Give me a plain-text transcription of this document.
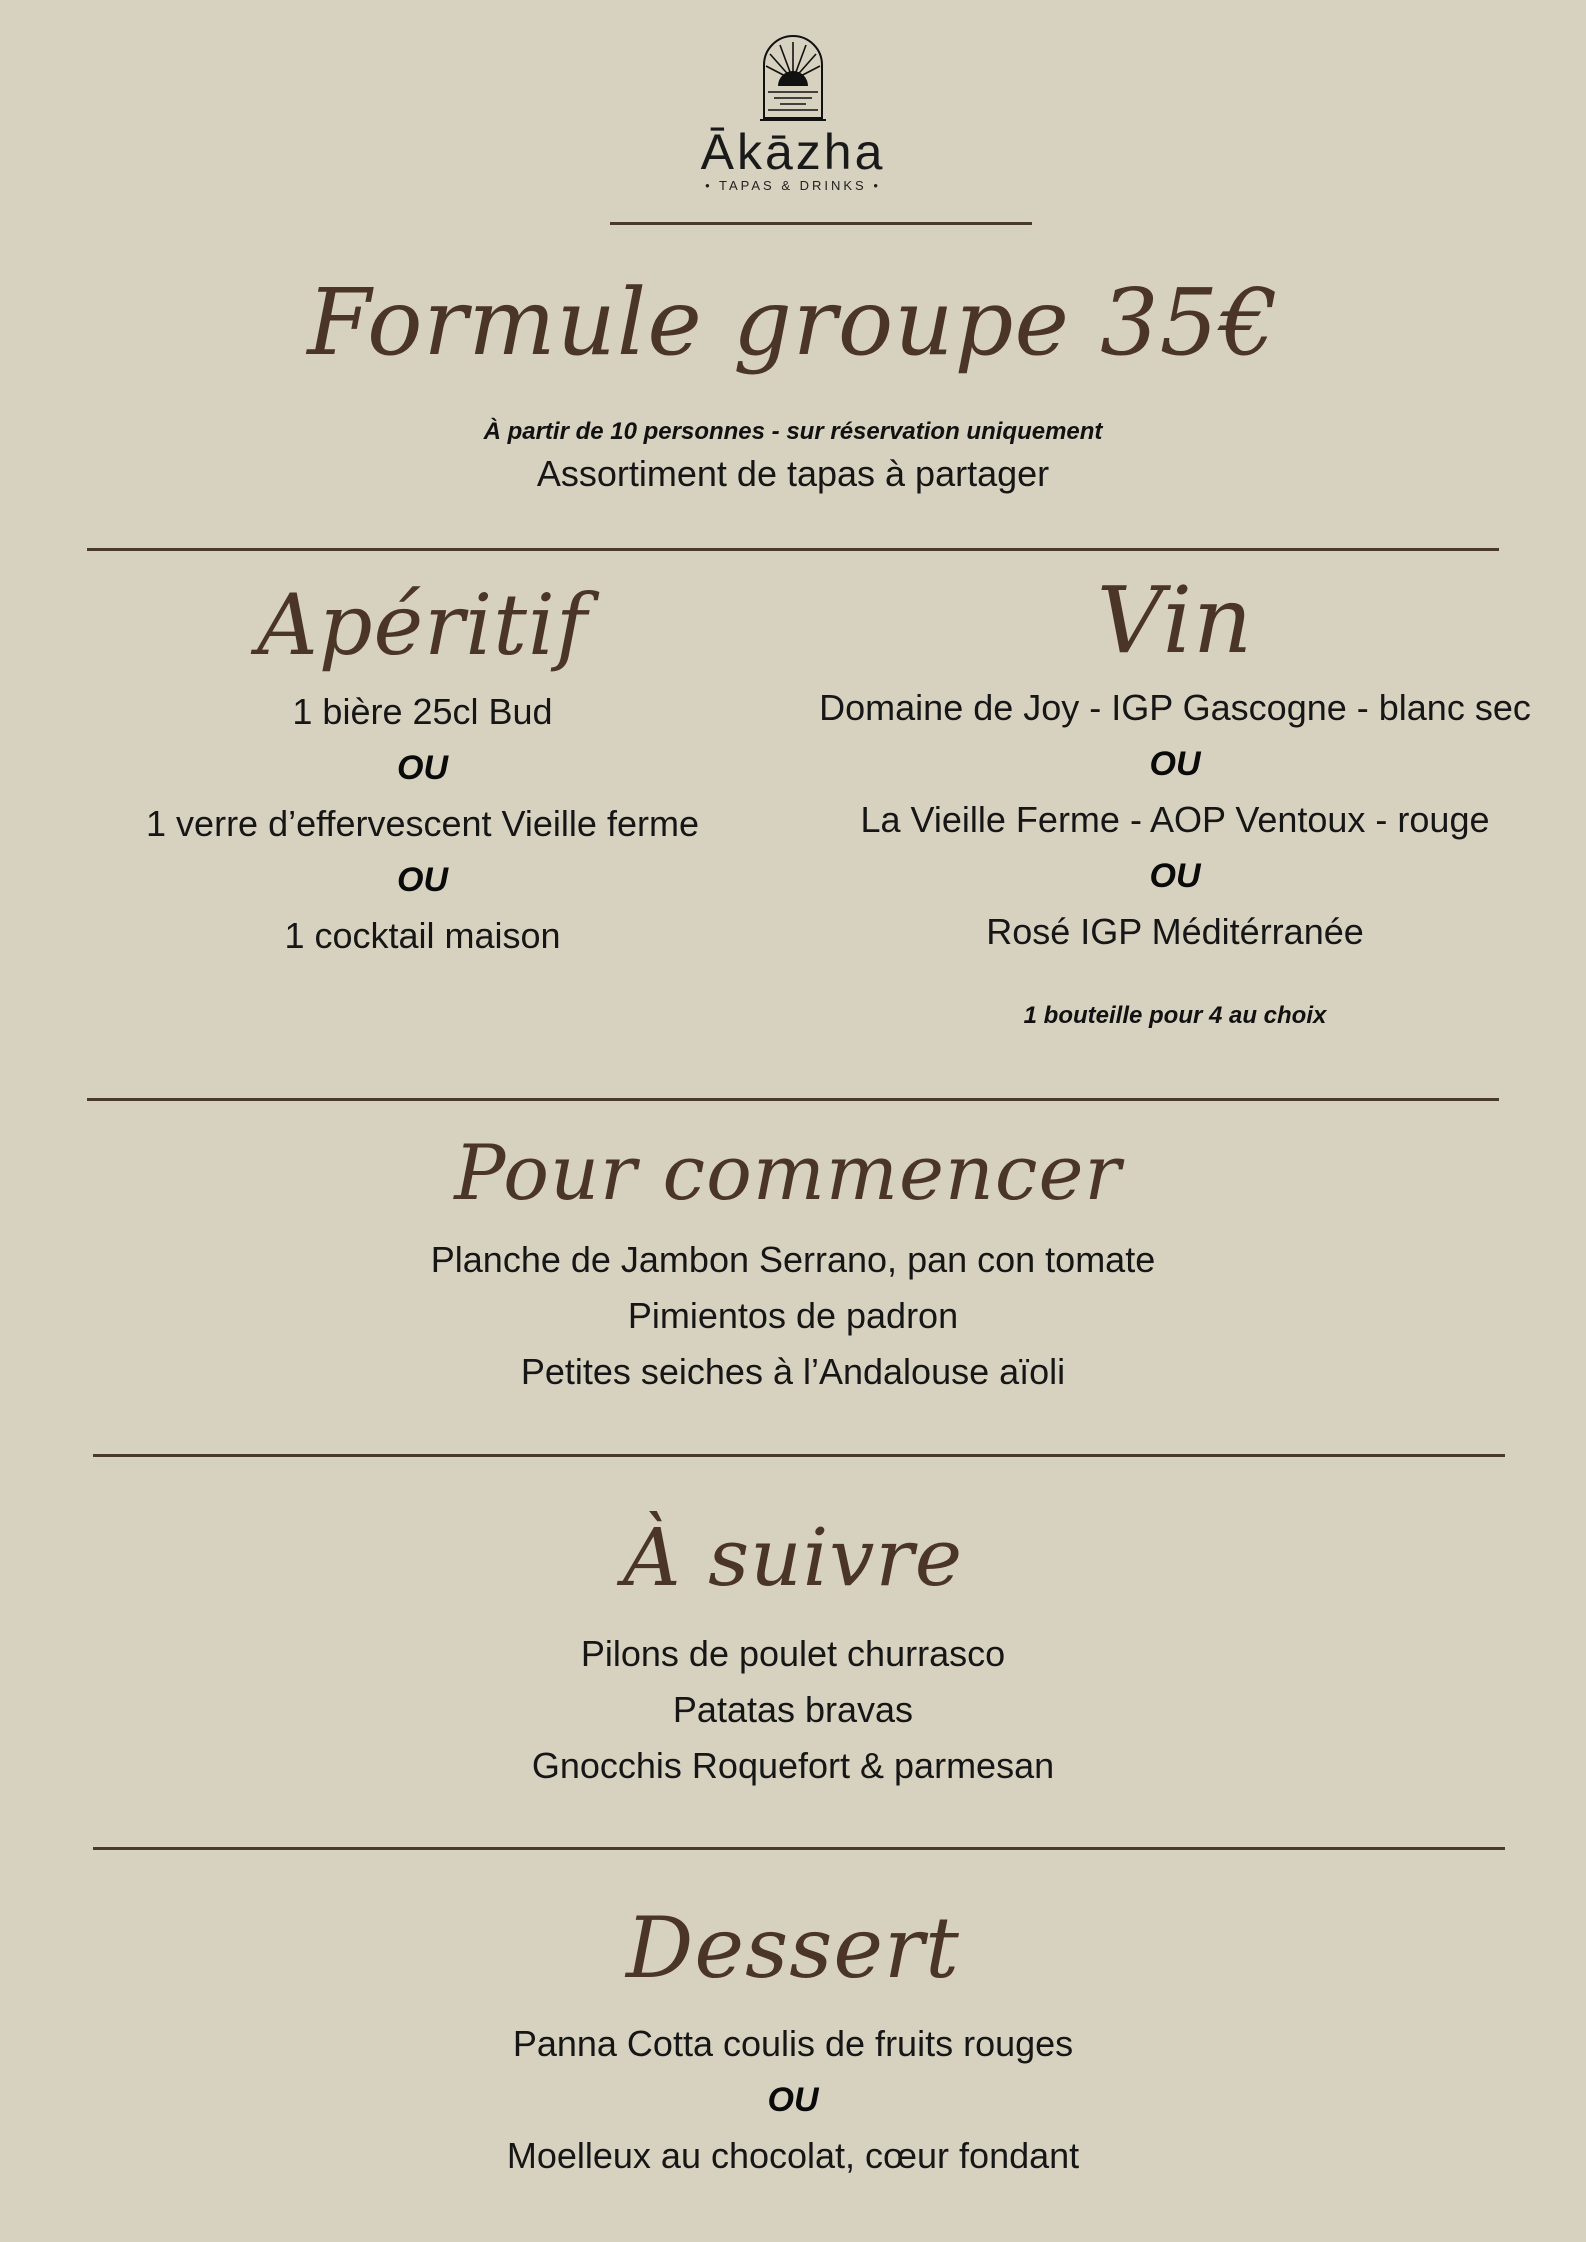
Ākāzha
• TAPAS & DRINKS •
Formule groupe 35€
À partir de 10 personnes - sur réservation uniquement
Assortiment de tapas à partager
Apéritif
1 bière 25cl Bud
OU
1 verre d’effervescent Vieille ferme
OU
1 cocktail maison
Vin
Domaine de Joy - IGP Gascogne - blanc sec
OU
La Vieille Ferme - AOP Ventoux - rouge
OU
Rosé IGP Méditérranée
1 bouteille pour 4 au choix
Pour commencer
Planche de Jambon Serrano, pan con tomate
Pimientos de padron
Petites seiches à l’Andalouse aïoli
À suivre
Pilons de poulet churrasco
Patatas bravas
Gnocchis Roquefort & parmesan
Dessert
Panna Cotta coulis de fruits rouges
OU
Moelleux au chocolat, cœur fondant
